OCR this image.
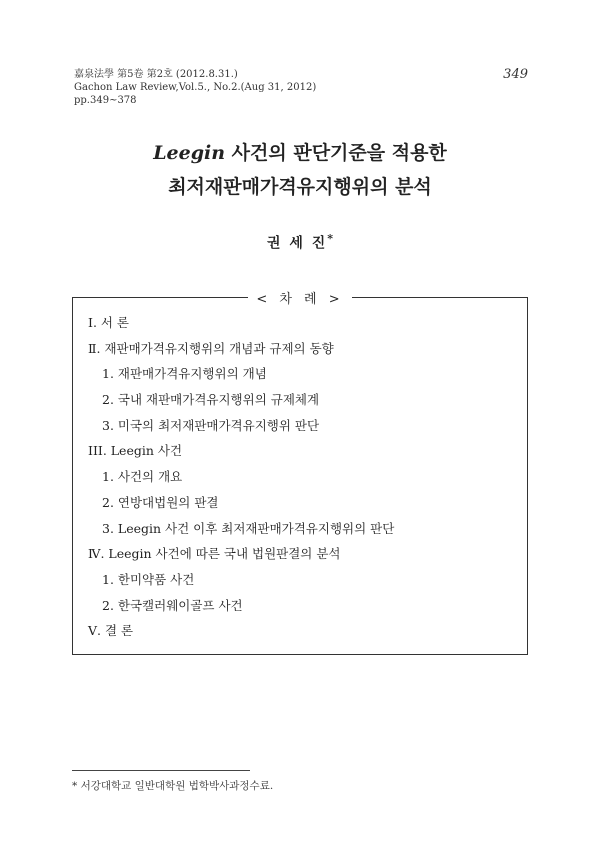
嘉泉法學 第5卷 第2호 (2012.8.31.)
Gachon Law Review,Vol.5., No.2.(Aug 31, 2012)
pp.349~378
349
Leegin 사건의 판단기준을 적용한
최저재판매가격유지행위의 분석
권 세 진*
< 차 례 >
I. 서 론
Ⅱ. 재판매가격유지행위의 개념과 규제의 동향
1. 재판매가격유지행위의 개념
2. 국내 재판매가격유지행위의 규제체계
3. 미국의 최저재판매가격유지행위 판단
III. Leegin 사건
1. 사건의 개요
2. 연방대법원의 판결
3. Leegin 사건 이후 최저재판매가격유지행위의 판단
Ⅳ. Leegin 사건에 따른 국내 법원판결의 분석
1. 한미약품 사건
2. 한국캘러웨이골프 사건
Ⅴ. 결 론
* 서강대학교 일반대학원 법학박사과정수료.
